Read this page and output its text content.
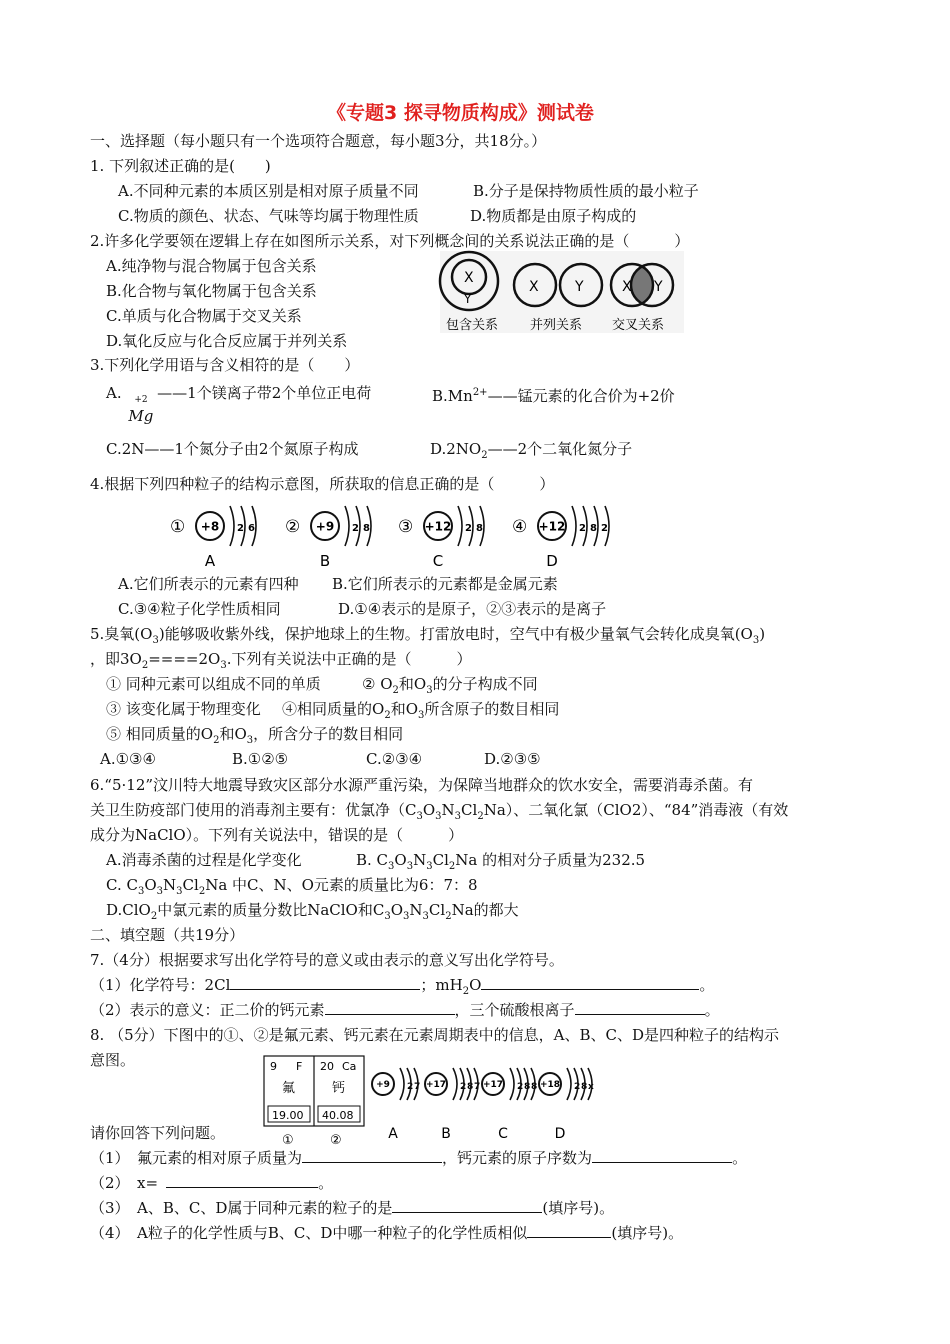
《专题3 探寻物质构成》测试卷
一、选择题（每小题只有一个选项符合题意，每小题3分，共18分。）
1. 下列叙述正确的是(　　)
A.不同种元素的本质区别是相对原子质量不同	B.分子是保持物质性质的最小粒子
C.物质的颜色、状态、气味等均属于物理性质	D.物质都是由原子构成的
2.许多化学要领在逻辑上存在如图所示关系，对下列概念间的关系说法正确的是（　　　）
A.纯净物与混合物属于包含关系
B.化合物与氧化物属于包含关系
C.单质与化合物属于交叉关系
D.氧化反应与化合反应属于并列关系
X
Y
X	Y	X Y
包含关系 并列关系 交叉关系
3.下列化学用语与含义相符的是（　　）
A. +2
Mg
——1个镁离子带2个单位正电荷	$B.Mn^{2+}——$锰元素的化合价为+2价
C.2N——1个氮分子由2个氮原子构成	$D.2NO_2——2$个二氧化氮分子
4.根据下列四种粒子的结构示意图，所获取的信息正确的是（　　　）
① +8 2 6
A
② +9 2 8
B
③ +12 2 8
C
④ +12 2 8 2
D
A.它们所表示的元素有四种 B.它们所表示的元素都是金属元素
C.③④粒子化学性质相同	D.①④表示的是原子，②③表示的是离子
5.臭氧$(O_3)$能够吸收紫外线，保护地球上的生物。打雷放电时，空气中有极少量氧气会转化成臭氧$(O_3)$
，即$3O_2====2O_3$.下列有关说法中正确的是（　　　）
① 同种元素可以组成不同的单质	② $O_2$和$O_3$的分子构成不同
③ 该变化属于物理变化 ④相同质量的$O_2$和$O_3$所含原子的数目相同
⑤ 相同质量的$O_2$和$O_3$，所含分子的数目相同
A.①③④	B.①②⑤	C.②③④	D.②③⑤
6.“5·12”汶川特大地震导致灾区部分水源严重污染，为保障当地群众的饮水安全，需要消毒杀菌。有
关卫生防疫部门使用的消毒剂主要有：优氯净$(C_3O_3N_3Cl_2Na)$、二氧化氯（ClO2）、“84”消毒液（有效
成分为NaClO）。下列有关说法中，错误的是（　　　）
A.消毒杀菌的过程是化学变化	B. $C_3O_3N_3Cl_2Na$ 的相对分子质量为232.5
C. $C_3O_3N_3Cl_2Na$ 中C、N、O元素的质量比为6：7：8
D.ClO$_2$中氯元素的质量分数比NaClO和$C_3O_3N_3Cl_2Na$的都大
二、填空题（共19分）
7.（4分）根据要求写出化学符号的意义或由表示的意义写出化学符号。
（1）化学符号：2Cl	；$mH_2O$	。
（2）表示的意义：正二价的钙元素	，三个硫酸根离子	。
8. （5分）下图中的①、②是氟元素、钙元素在元素周期表中的信息，A、B、C、D是四种粒子的结构示
意图。	9 F
氟
19.00
20 Ca
钙
40.08
①	②
+9 2 7
A
+17 2 8 7
B
+17 2 8 8
C
+18 2 8 x
D
请你回答下列问题。
（1）　氟元素的相对原子质量为	，钙元素的原子序数为	。
（2）　x=	。
（3）　A、B、C、D属于同种元素的粒子的是	(填序号)。
（4）　A粒子的化学性质与B、C、D中哪一种粒子的化学性质相似	(填序号)。
